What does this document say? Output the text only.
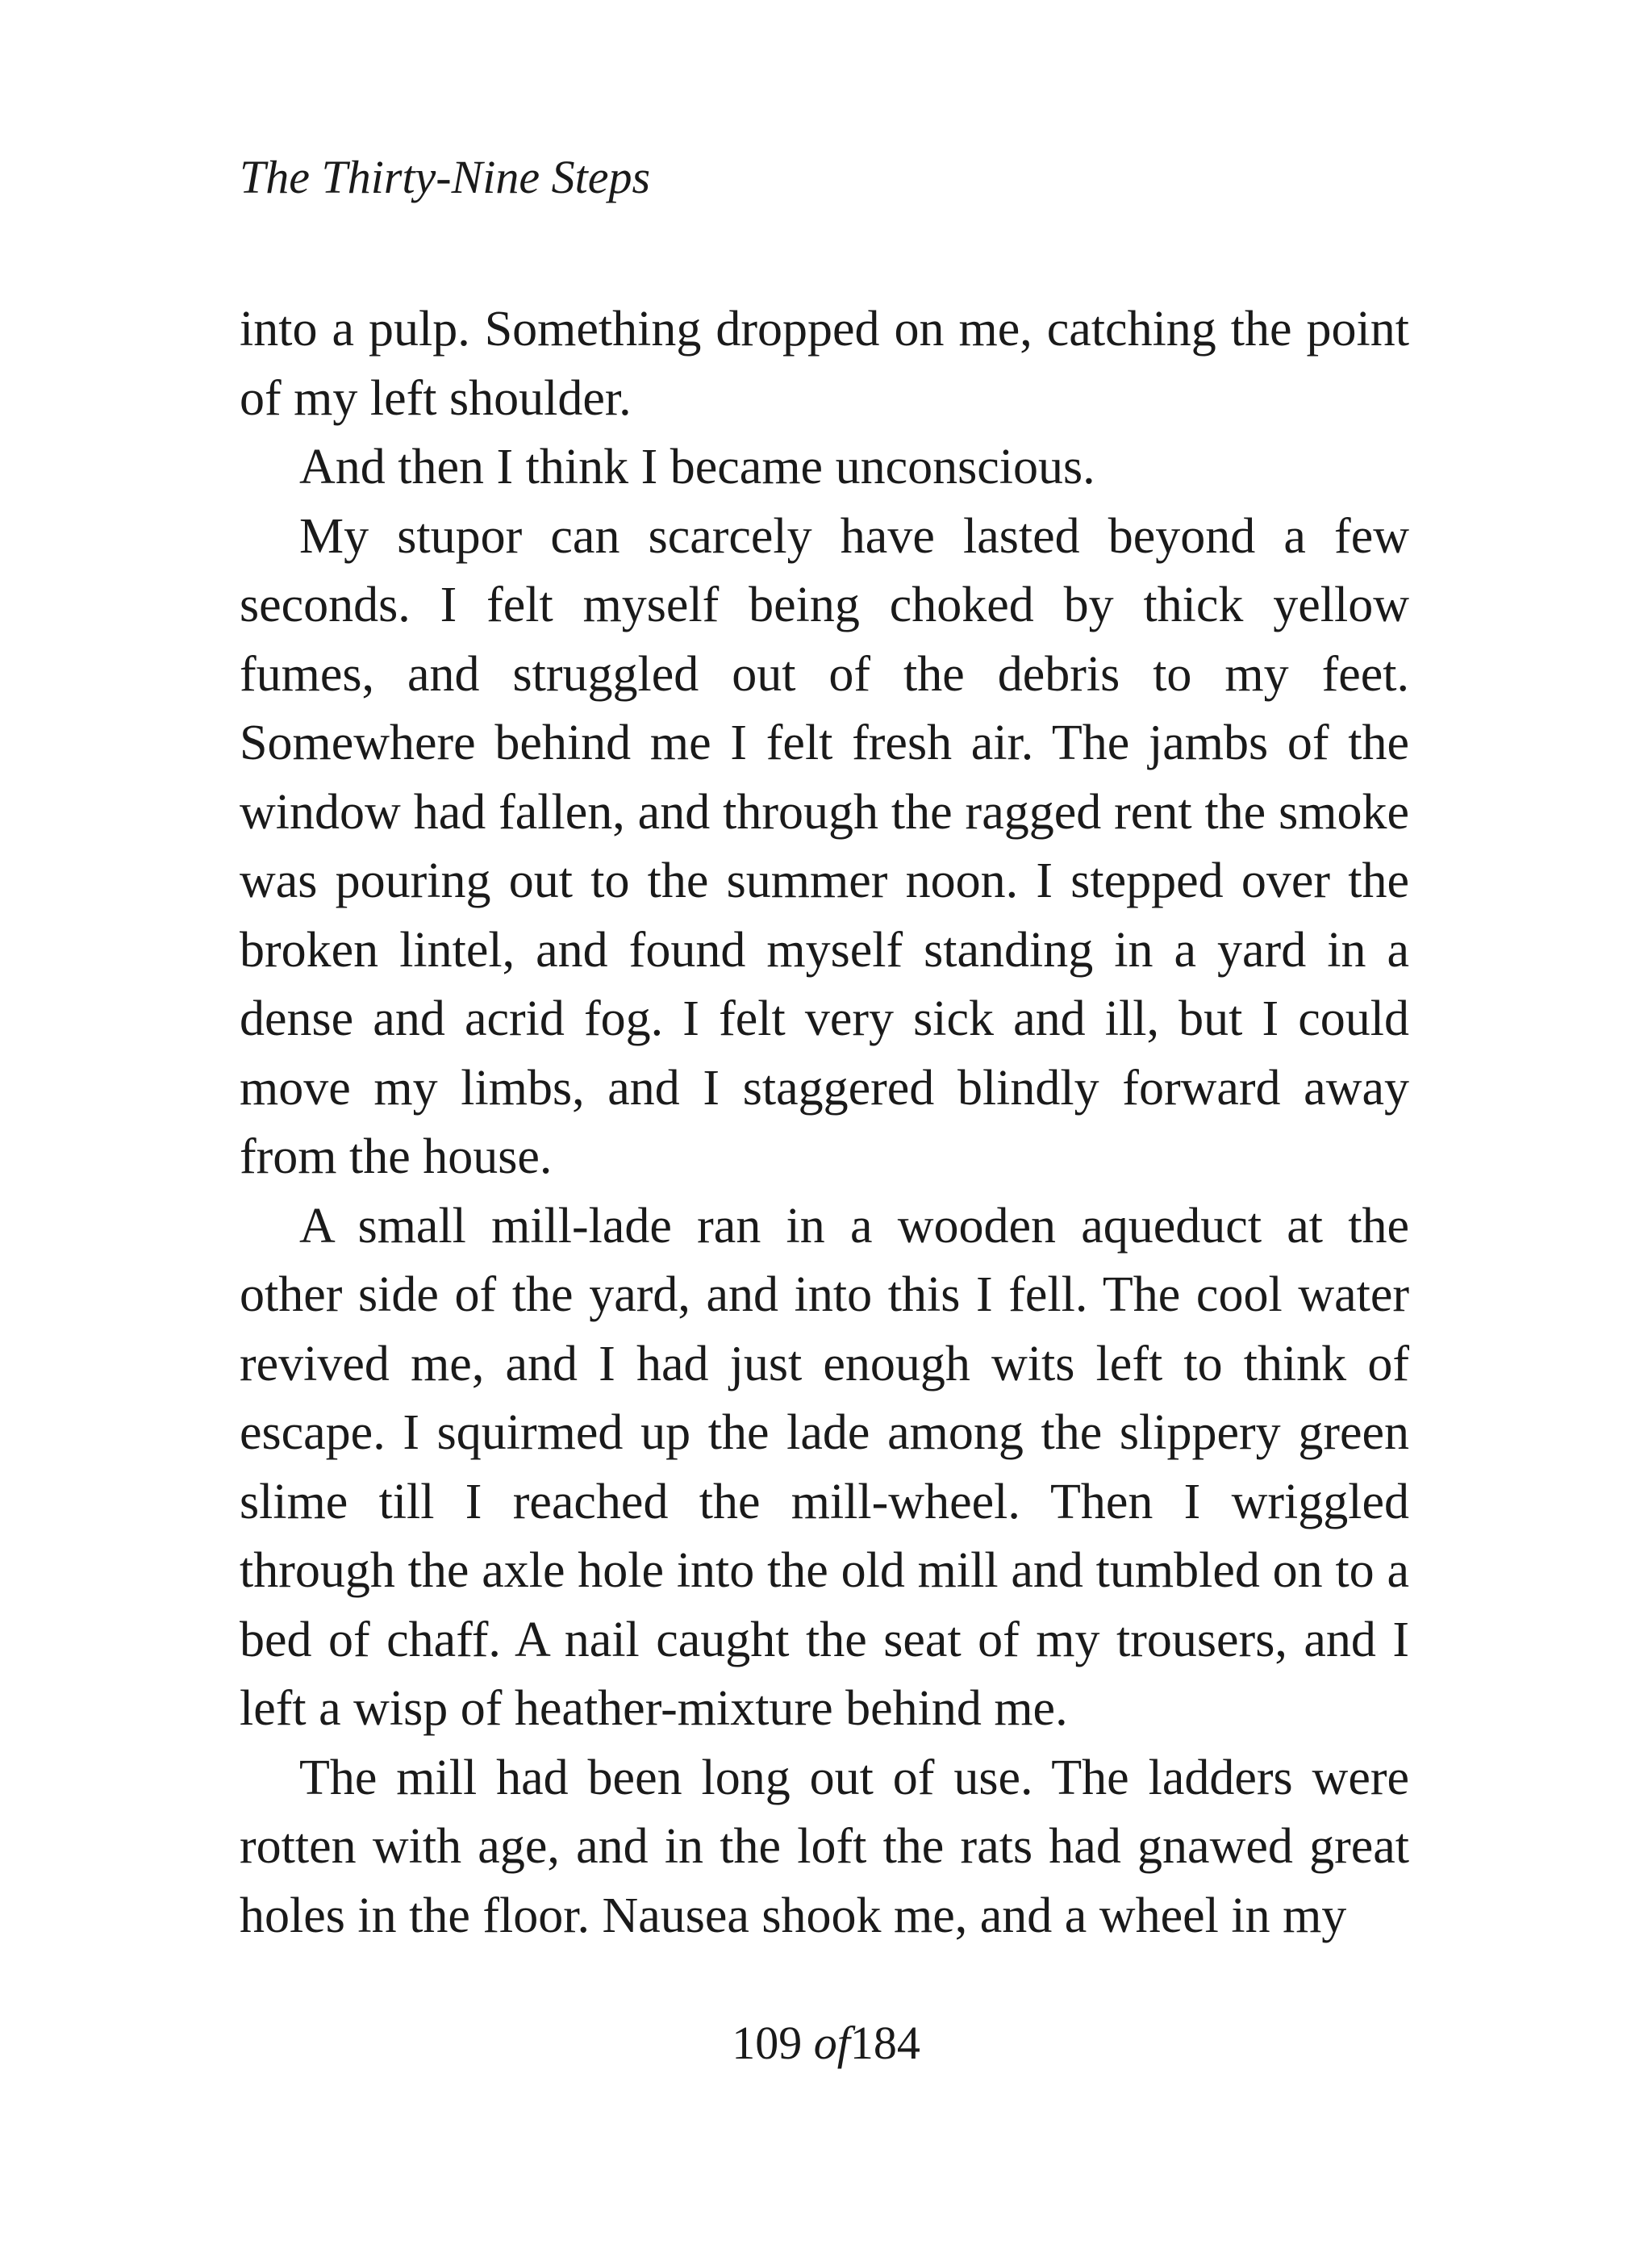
The Thirty-Nine Steps

into a pulp. Something dropped on me, catching the point of my left shoulder.

And then I think I became unconscious.

My stupor can scarcely have lasted beyond a few seconds. I felt myself being choked by thick yellow fumes, and struggled out of the debris to my feet. Somewhere behind me I felt fresh air. The jambs of the window had fallen, and through the ragged rent the smoke was pouring out to the summer noon. I stepped over the broken lintel, and found myself standing in a yard in a dense and acrid fog. I felt very sick and ill, but I could move my limbs, and I staggered blindly forward away from the house.

A small mill-lade ran in a wooden aqueduct at the other side of the yard, and into this I fell. The cool water revived me, and I had just enough wits left to think of escape. I squirmed up the lade among the slippery green slime till I reached the mill-wheel. Then I wriggled through the axle hole into the old mill and tumbled on to a bed of chaff. A nail caught the seat of my trousers, and I left a wisp of heather-mixture behind me.

The mill had been long out of use. The ladders were rotten with age, and in the loft the rats had gnawed great holes in the floor. Nausea shook me, and a wheel in my

109 of184
